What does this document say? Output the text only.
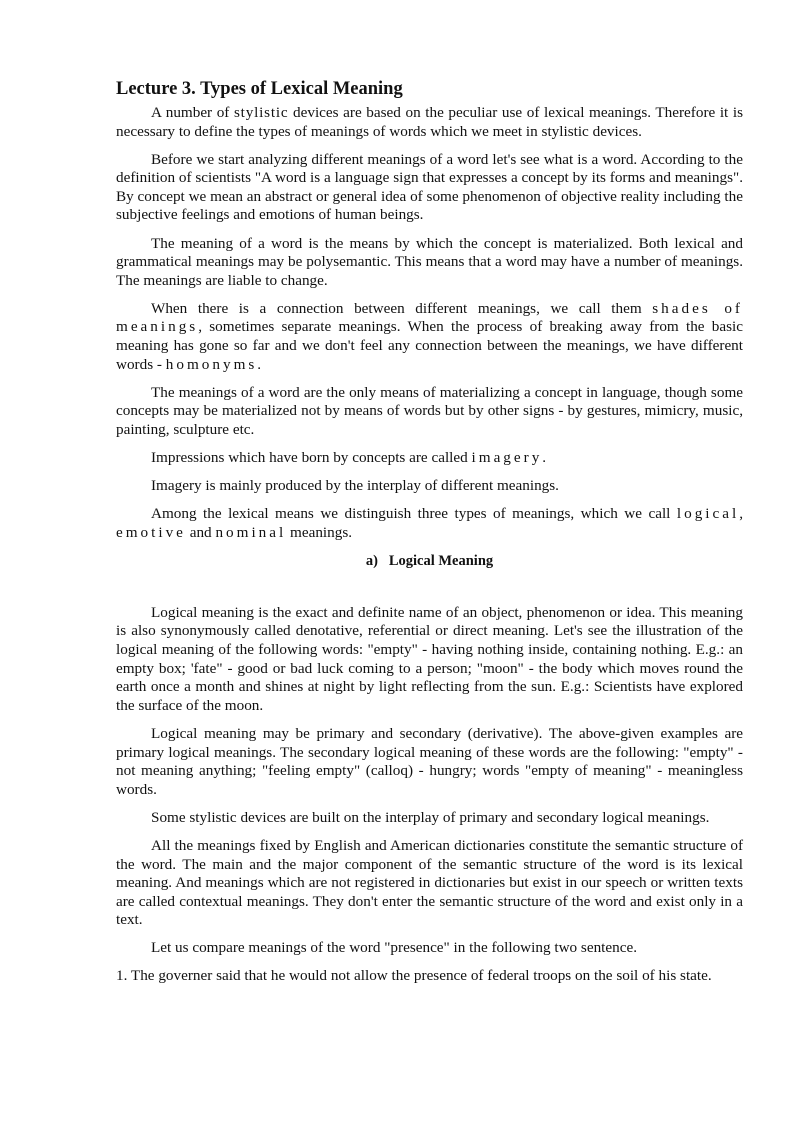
Lecture 3. Types of Lexical Meaning

A number of stylistic devices are based on the peculiar use of lexical meanings. Therefore it is necessary to define the types of meanings of words which we meet in stylistic devices.

Before we start analyzing different meanings of a word let's see what is a word. According to the definition of scientists "A word is a language sign that expresses a concept by its forms and meanings". By concept we mean an abstract or general idea of some phenomenon of objective reality including the subjective feelings and emotions of human beings.

The meaning of a word is the means by which the concept is materialized. Both lexical and grammatical meanings may be polysemantic. This means that a word may have a number of meanings. The meanings are liable to change.

When there is a connection between different meanings, we call them shades of meanings, sometimes separate meanings. When the process of breaking away from the basic meaning has gone so far and we don't feel any connection between the meanings, we have different words - homonyms.

The meanings of a word are the only means of materializing a concept in language, though some concepts may be materialized not by means of words but by other signs - by gestures, mimicry, music, painting, sculpture etc.

Impressions which have born by concepts are called imagery.

Imagery is mainly produced by the interplay of different meanings.

Among the lexical means we distinguish three types of meanings, which we call logical, emotive and nominal meanings.

a)   Logical Meaning

Logical meaning is the exact and definite name of an object, phenomenon or idea. This meaning is also synonymously called denotative, referential or direct meaning. Let's see the illustration of the logical meaning of the following words: "empty" - having nothing inside, containing nothing. E.g.: an empty box; 'fate" - good or bad luck coming to a person; "moon" - the body which moves round the earth once a month and shines at night by light reflecting from the sun. E.g.: Scientists have explored the surface of the moon.

Logical meaning may be primary and secondary (derivative). The above-given examples are primary logical meanings. The secondary logical meaning of these words are the following: "empty" - not meaning anything; "feeling empty" (calloq) - hungry; words "empty of meaning" - meaningless words.

Some stylistic devices are built on the interplay of primary and secondary logical meanings.

All the meanings fixed by English and American dictionaries constitute the semantic structure of the word. The main and the major component of the semantic structure of the word is its lexical meaning. And meanings which are not registered in dictionaries but exist in our speech or written texts are called contextual meanings. They don't enter the semantic structure of the word and exist only in a text.

Let us compare meanings of the word "presence" in the following two sentence.

1. The governer said that he would not allow the presence of federal troops on the soil of his state.
